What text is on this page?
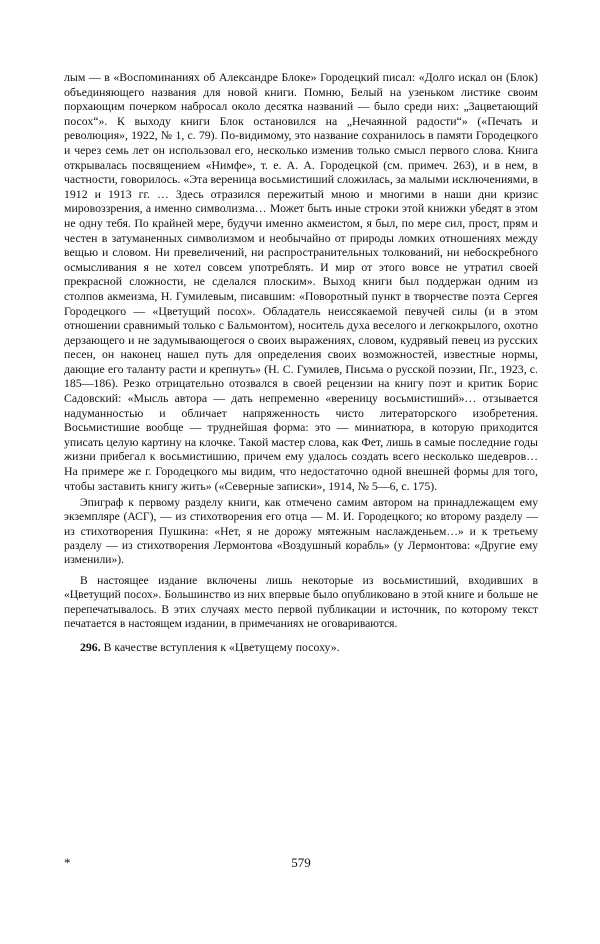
лым — в «Воспоминаниях об Александре Блоке» Городецкий писал: «Долго искал он (Блок) объединяющего названия для новой книги. Помню, Белый на узеньком листике своим порхающим почерком набросал около десятка названий — было среди них: „Зацветающий посох“». К выходу книги Блок остановился на „Нечаянной радости“» («Печать и революция», 1922, № 1, с. 79). По-видимому, это название сохранилось в памяти Городецкого и через семь лет он использовал его, несколько изменив только смысл первого слова. Книга открывалась посвящением «Нимфе», т. е. А. А. Городецкой (см. примеч. 263), и в нем, в частности, говорилось. «Эта вереница восьмистиший сложилась, за малыми исключениями, в 1912 и 1913 гг. … Здесь отразился пережитый мною и многими в наши дни кризис мировоззрения, а именно символизма… Может быть иные строки этой книжки убедят в этом не одну тебя. По крайней мере, будучи именно акмеистом, я был, по мере сил, прост, прям и честен в затуманенных символизмом и необычайно от природы ломких отношениях между вещью и словом. Ни превеличений, ни распространительных толкований, ни небоскребного осмысливания я не хотел совсем употреблять. И мир от этого вовсе не утратил своей прекрасной сложности, не сделался плоским». Выход книги был поддержан одним из столпов акмеизма, Н. Гумилевым, писавшим: «Поворотный пункт в творчестве поэта Сергея Городецкого — «Цветущий посох». Обладатель неиссякаемой певучей силы (и в этом отношении сравнимый только с Бальмонтом), носитель духа веселого и легкокрылого, охотно дерзающего и не задумывающегося о своих выражениях, словом, кудрявый певец из русских песен, он наконец нашел путь для определения своих возможностей, известные нормы, дающие его таланту расти и крепнуть» (Н. С. Гумилев, Письма о русской поэзии, Пг., 1923, с. 185—186). Резко отрицательно отозвался в своей рецензии на книгу поэт и критик Борис Садовский: «Мысль автора — дать непременно «вереницу восьмистиший»… отзывается надуманностью и обличает напряженность чисто литераторского изобретения. Восьмистишие вообще — труднейшая форма: это — миниатюра, в которую приходится уписать целую картину на клочке. Такой мастер слова, как Фет, лишь в самые последние годы жизни прибегал к восьмистишию, причем ему удалось создать всего несколько шедевров… На примере же г. Городецкого мы видим, что недостаточно одной внешней формы для того, чтобы заставить книгу жить» («Северные записки», 1914, № 5—6, с. 175).

Эпиграф к первому разделу книги, как отмечено самим автором на принадлежащем ему экземпляре (АСГ), — из стихотворения его отца — М. И. Городецкого; ко второму разделу — из стихотворения Пушкина: «Нет, я не дорожу мятежным наслажденьем…» и к третьему разделу — из стихотворения Лермонтова «Воздушный корабль» (у Лермонтова: «Другие ему изменили»).

В настоящее издание включены лишь некоторые из восьмистиший, входивших в «Цветущий посох». Большинство из них впервые было опубликовано в этой книге и больше не перепечатывалось. В этих случаях место первой публикации и источник, по которому текст печатается в настоящем издании, в примечаниях не оговариваются.

296. В качестве вступления к «Цветущему посоху».

*	579
